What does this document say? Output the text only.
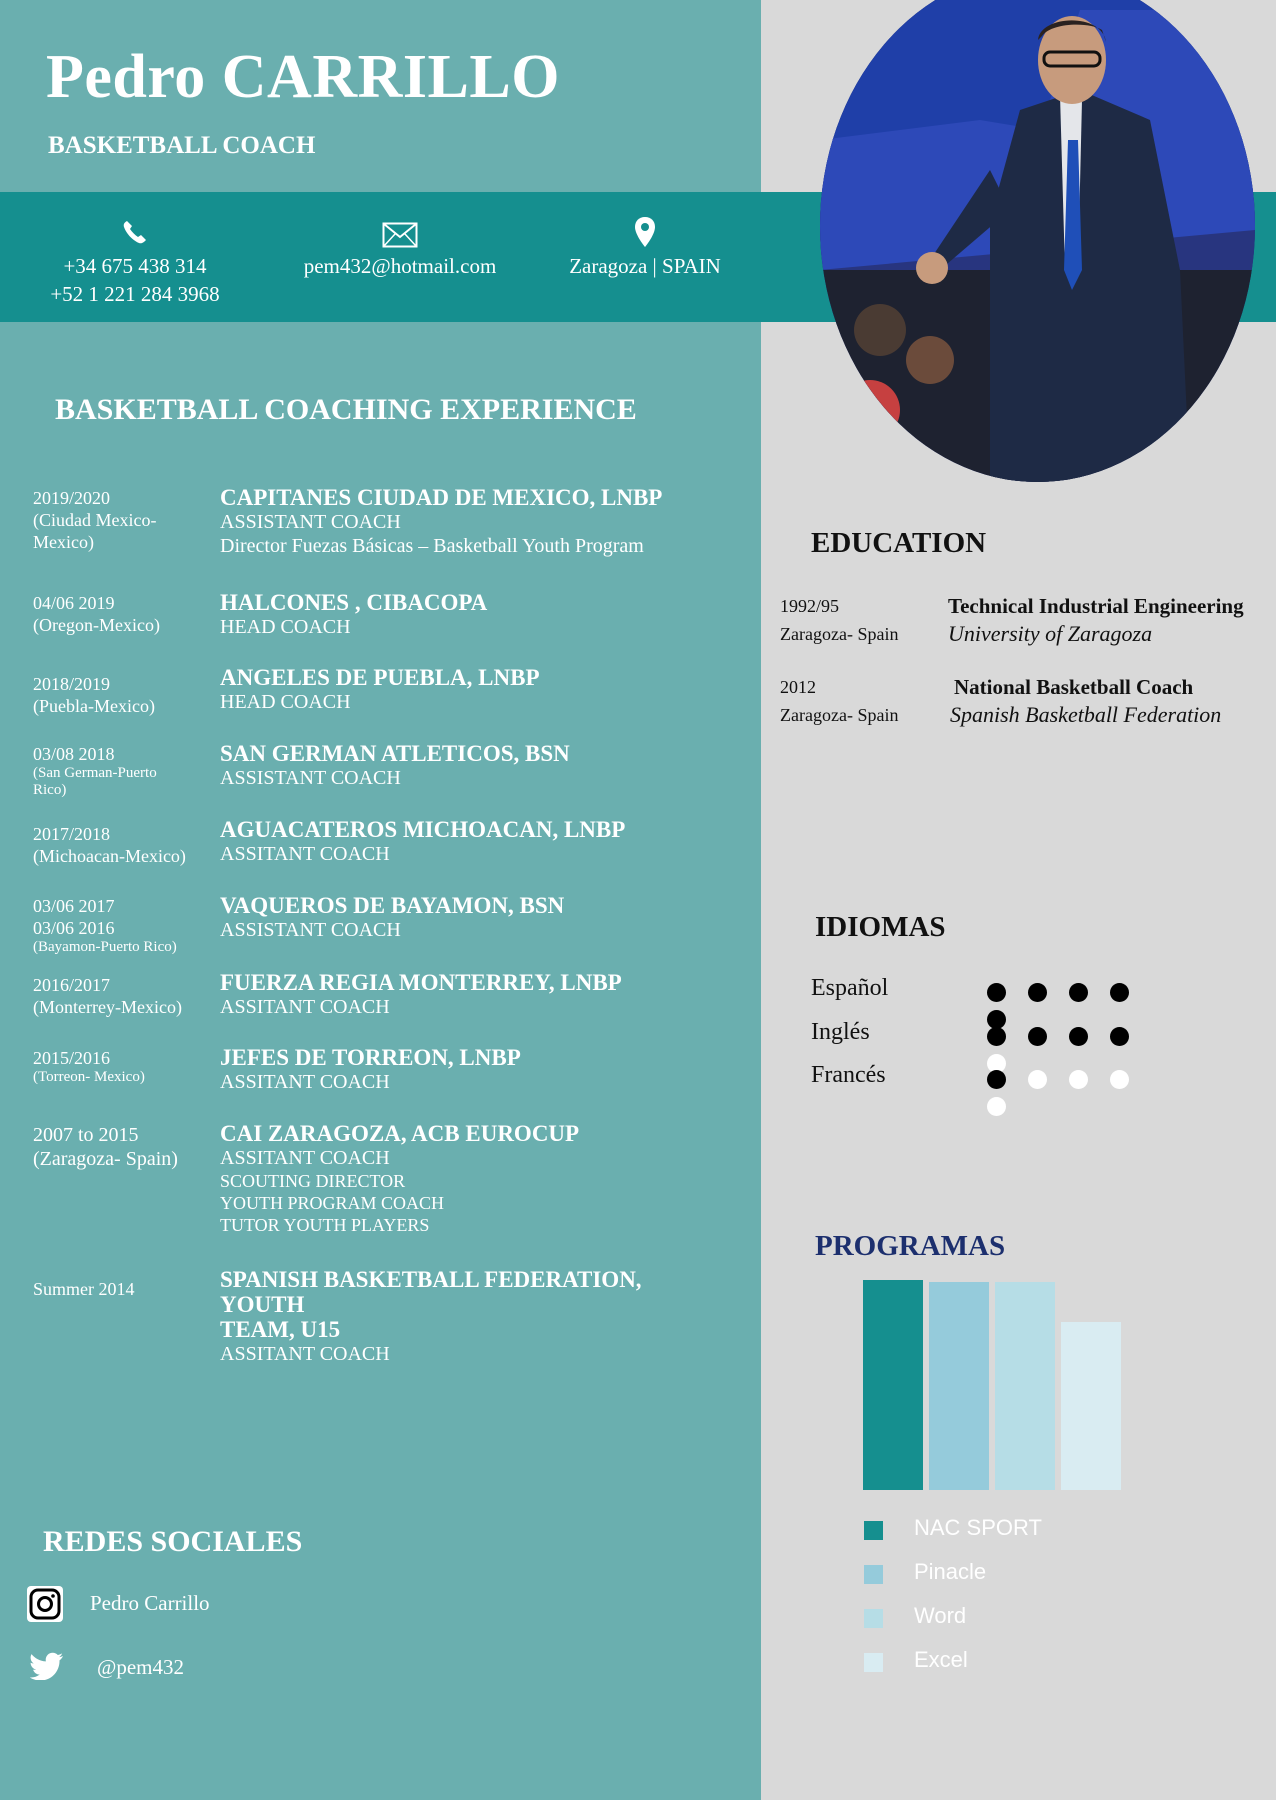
Pedro CARRILLO
BASKETBALL COACH
+34 675 438 314
+52 1 221 284 3968
pem432@hotmail.com	Zaragoza | SPAIN
BASKETBALL COACHING EXPERIENCE
2019/2020
(Ciudad Mexico-Mexico)
CAPITANES CIUDAD DE MEXICO, LNBP
ASSISTANT COACH
Director Fuezas Básicas – Basketball Youth Program
04/06 2019
(Oregon-Mexico)
HALCONES , CIBACOPA
HEAD COACH
2018/2019
(Puebla-Mexico)
ANGELES DE PUEBLA, LNBP
HEAD COACH
03/08 2018
(San German-Puerto Rico)
SAN GERMAN ATLETICOS, BSN
ASSISTANT COACH
2017/2018
(Michoacan-Mexico)
AGUACATEROS MICHOACAN, LNBP
ASSITANT COACH
03/06 2017
03/06 2016
(Bayamon-Puerto Rico)
VAQUEROS DE BAYAMON, BSN
ASSISTANT COACH
2016/2017
(Monterrey-Mexico)
FUERZA REGIA MONTERREY, LNBP
ASSITANT COACH
2015/2016
(Torreon- Mexico)
JEFES DE TORREON, LNBP
ASSITANT COACH
2007 to 2015
(Zaragoza- Spain)
CAI ZARAGOZA, ACB EUROCUP
ASSITANT COACH
SCOUTING DIRECTOR
YOUTH PROGRAM COACH
TUTOR YOUTH PLAYERS
Summer 2014	SPANISH BASKETBALL FEDERATION, YOUTH
TEAM, U15
ASSITANT COACH
REDES SOCIALES
Pedro Carrillo
@pem432
EDUCATION
1992/95
Zaragoza- Spain
Technical Industrial Engineering
University of Zaragoza
2012
Zaragoza- Spain
National Basketball Coach
Spanish Basketball Federation
IDIOMAS
Español
Inglés
Francés
PROGRAMAS
NAC SPORT
Pinacle
Word
Excel
